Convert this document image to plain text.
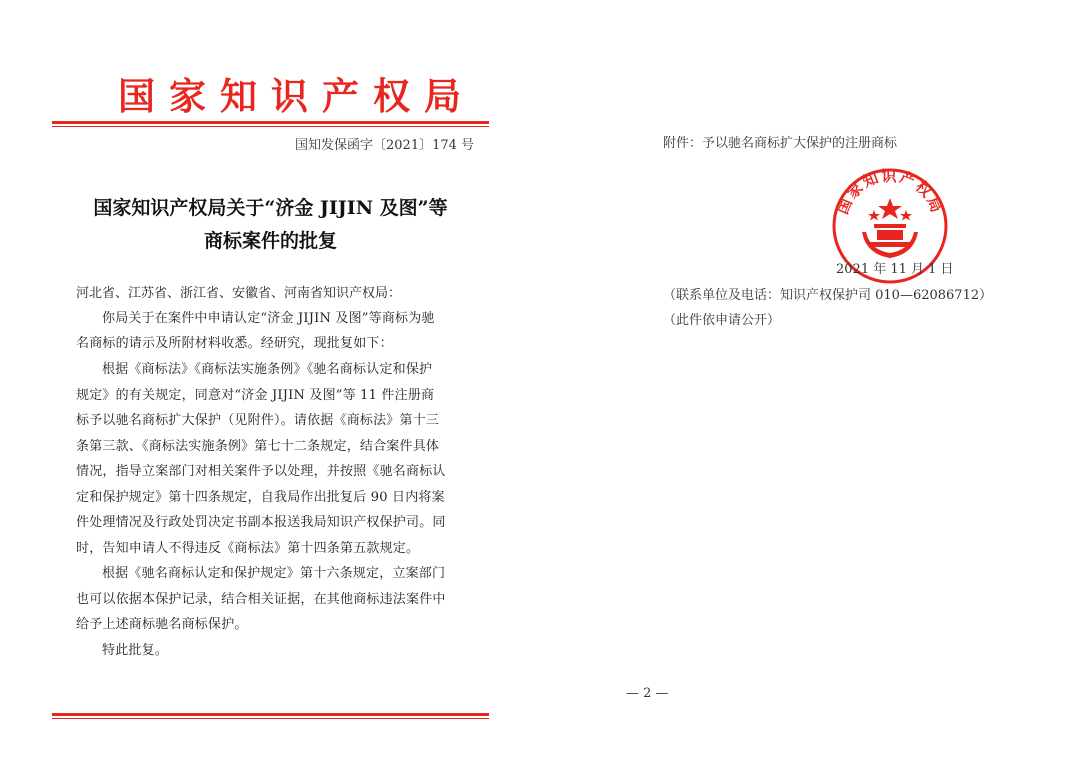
国家知识产权局
国知发保函字〔2021〕174 号
国家知识产权局关于“济金 JIJIN 及图”等
商标案件的批复
河北省、江苏省、浙江省、安徽省、河南省知识产权局：
你局关于在案件中申请认定“济金 JIJIN 及图”等商标为驰
名商标的请示及所附材料收悉。经研究，现批复如下：
根据《商标法》《商标法实施条例》《驰名商标认定和保护
规定》的有关规定，同意对“济金 JIJIN 及图”等 11 件注册商
标予以驰名商标扩大保护（见附件）。请依据《商标法》第十三
条第三款、《商标法实施条例》第七十二条规定，结合案件具体
情况，指导立案部门对相关案件予以处理，并按照《驰名商标认
定和保护规定》第十四条规定，自我局作出批复后 90 日内将案
件处理情况及行政处罚决定书副本报送我局知识产权保护司。同
时，告知申请人不得违反《商标法》第十四条第五款规定。
根据《驰名商标认定和保护规定》第十六条规定，立案部门
也可以依据本保护记录，结合相关证据，在其他商标违法案件中
给予上述商标驰名商标保护。
特此批复。
附件：予以驰名商标扩大保护的注册商标
国家知识产权局
2021 年 11 月 1 日
（联系单位及电话：知识产权保护司 010—62086712）
（此件依申请公开）
— 2 —
